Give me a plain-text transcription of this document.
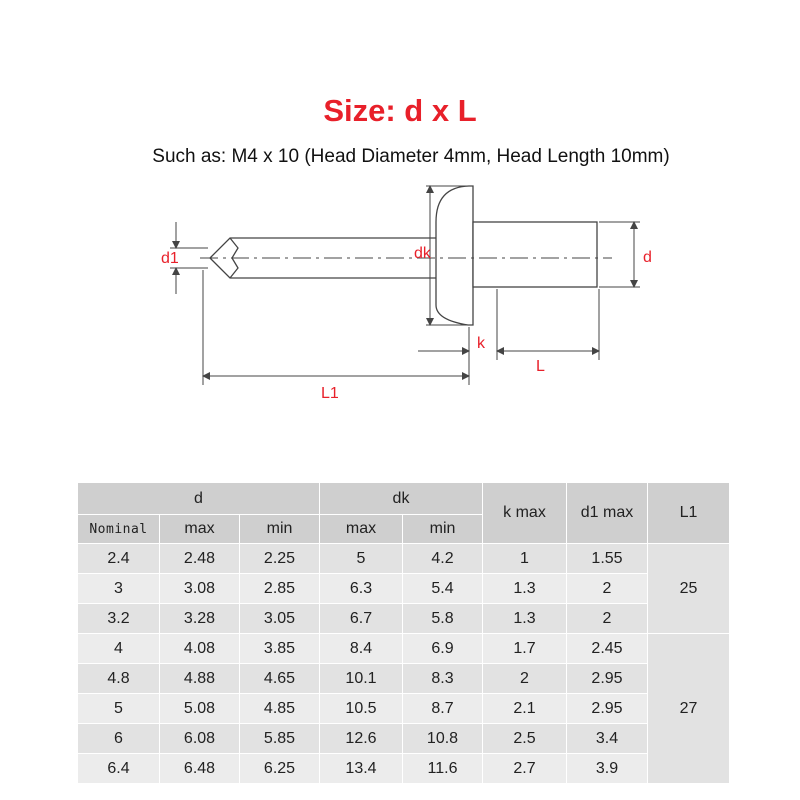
Size: d x L
Such as: M4 x 10 (Head Diameter 4mm, Head Length 10mm)
d1	dk	d
k
L
L1
d			dk		k max	d1 max	L1
Nominal	max	min	max	min			
2.4	2.48	2.25	5	4.2	1	1.55	25
3	3.08	2.85	6.3	5.4	1.3	2	
3.2	3.28	3.05	6.7	5.8	1.3	2	
4	4.08	3.85	8.4	6.9	1.7	2.45	27
4.8	4.88	4.65	10.1	8.3	2	2.95	
5	5.08	4.85	10.5	8.7	2.1	2.95	
6	6.08	5.85	12.6	10.8	2.5	3.4	
6.4	6.48	6.25	13.4	11.6	2.7	3.9	
